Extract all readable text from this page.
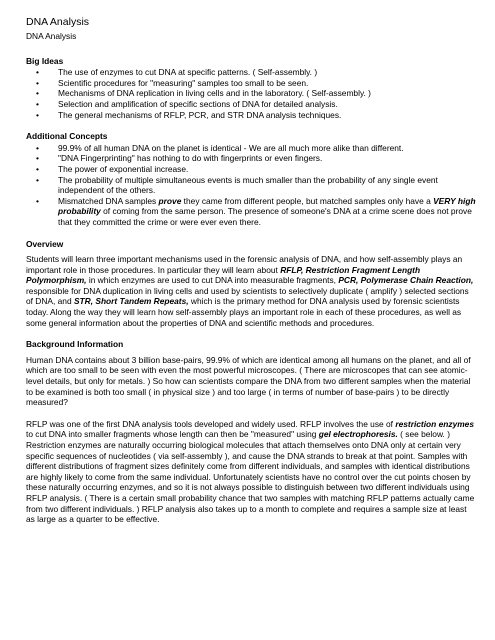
DNA Analysis
DNA Analysis
Big Ideas
• The use of enzymes to cut DNA at specific patterns. ( Self-assembly. )
• Scientific procedures for "measuring" samples too small to be seen.
• Mechanisms of DNA replication in living cells and in the laboratory. ( Self-assembly. )
• Selection and amplification of specific sections of DNA for detailed analysis.
• The general mechanisms of RFLP, PCR, and STR DNA analysis techniques.
Additional Concepts
• 99.9% of all human DNA on the planet is identical - We are all much more alike than different.
• "DNA Fingerprinting" has nothing to do with fingerprints or even fingers.
• The power of exponential increase.
• The probability of multiple simultaneous events is much smaller than the probability of any single event independent of the others.
• Mismatched DNA samples prove they came from different people, but matched samples only have a VERY high probability of coming from the same person. The presence of someone's DNA at a crime scene does not prove that they committed the crime or were ever even there.
Overview

Students will learn three important mechanisms used in the forensic analysis of DNA, and how self-assembly plays an important role in those procedures. In particular they will learn about RFLP, Restriction Fragment Length Polymorphism, in which enzymes are used to cut DNA into measurable fragments, PCR, Polymerase Chain Reaction, responsible for DNA duplication in living cells and used by scientists to selectively duplicate ( amplify ) selected sections of DNA, and STR, Short Tandem Repeats, which is the primary method for DNA analysis used by forensic scientists today. Along the way they will learn how self-assembly plays an important role in each of these procedures, as well as some general information about the properties of DNA and scientific methods and procedures.

Background Information

Human DNA contains about 3 billion base-pairs, 99.9% of which are identical among all humans on the planet, and all of which are too small to be seen with even the most powerful microscopes. ( There are microscopes that can see atomic-level details, but only for metals. ) So how can scientists compare the DNA from two different samples when the material to be examined is both too small ( in physical size ) and too large ( in terms of number of base-pairs ) to be directly measured?

RFLP was one of the first DNA analysis tools developed and widely used. RFLP involves the use of restriction enzymes to cut DNA into smaller fragments whose length can then be "measured" using gel electrophoresis. ( see below. ) Restriction enzymes are naturally occurring biological molecules that attach themselves onto DNA only at certain very specific sequences of nucleotides ( via self-assembly ), and cause the DNA strands to break at that point. Samples with different distributions of fragment sizes definitely come from different individuals, and samples with identical distributions are highly likely to come from the same individual. Unfortunately scientists have no control over the cut points chosen by these naturally occurring enzymes, and so it is not always possible to distinguish between two different individuals using RFLP analysis. ( There is a certain small probability chance that two samples with matching RFLP patterns actually came from two different individuals. ) RFLP analysis also takes up to a month to complete and requires a sample size at least as large as a quarter to be effective.
